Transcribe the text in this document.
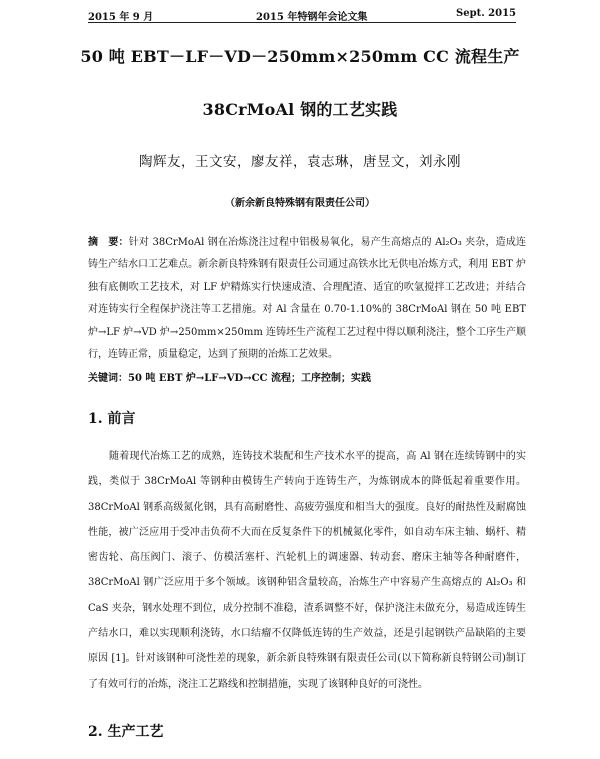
2015 年 9 月	2015 年特钢年会论文集	Sept. 2015
50 吨 EBT－LF－VD－250mm×250mm CC 流程生产
38CrMoAl 钢的工艺实践
陶辉友，王文安，廖友祥，袁志琳，唐昱文，刘永刚
（新余新良特殊钢有限责任公司）
摘　要：针对 38CrMoAl 钢在冶炼浇注过程中铝极易氧化，易产生高熔点的 Al₂O₃ 夹杂，造成连铸生产结水口工艺难点。新余新良特殊钢有限责任公司通过高铁水比无供电冶炼方式，利用 EBT 炉独有底侧吹工艺技术，对 LF 炉精炼实行快速成渣、合理配渣、适宜的吹氩搅拌工艺改进；并结合对连铸实行全程保护浇注等工艺措施。对 Al 含量在 0.70-1.10%的 38CrMoAl 钢在 50 吨 EBT 炉→LF 炉→VD 炉→250mm×250mm 连铸坯生产流程工艺过程中得以顺利浇注，整个工序生产顺行，连铸正常，质量稳定，达到了预期的冶炼工艺效果。
关键词：50 吨 EBT 炉→LF→VD→CC 流程；工序控制；实践
1. 前言
随着现代冶炼工艺的成熟，连铸技术装配和生产技术水平的提高，高 Al 钢在连续铸钢中的实践，类似于 38CrMoAl 等钢种由模铸生产转向于连铸生产，为炼钢成本的降低起着重要作用。38CrMoAl 钢系高级氮化钢，具有高耐磨性、高疲劳强度和相当大的强度。良好的耐热性及耐腐蚀性能，被广泛应用于受冲击负荷不大而在反复条件下的机械氮化零件，如自动车床主轴、蜗杆、精密齿轮、高压阀门、滚子、仿模活塞杆、汽轮机上的调速器、转动套、磨床主轴等各种耐磨件，38CrMoAl 钢广泛应用于多个领域。该钢种铝含量较高，冶炼生产中容易产生高熔点的 Al₂O₃ 和 CaS 夹杂，钢水处理不到位，成分控制不准稳，渣系调整不好，保护浇注未做充分，易造成连铸生产结水口，难以实现顺利浇铸，水口结瘤不仅降低连铸的生产效益，还是引起钢铁产品缺陷的主要原因 [1]。针对该钢种可浇性差的现象，新余新良特殊钢有限责任公司(以下简称新良特钢公司)制订了有效可行的冶炼，浇注工艺路线和控制措施，实现了该钢种良好的可浇性。
2. 生产工艺
